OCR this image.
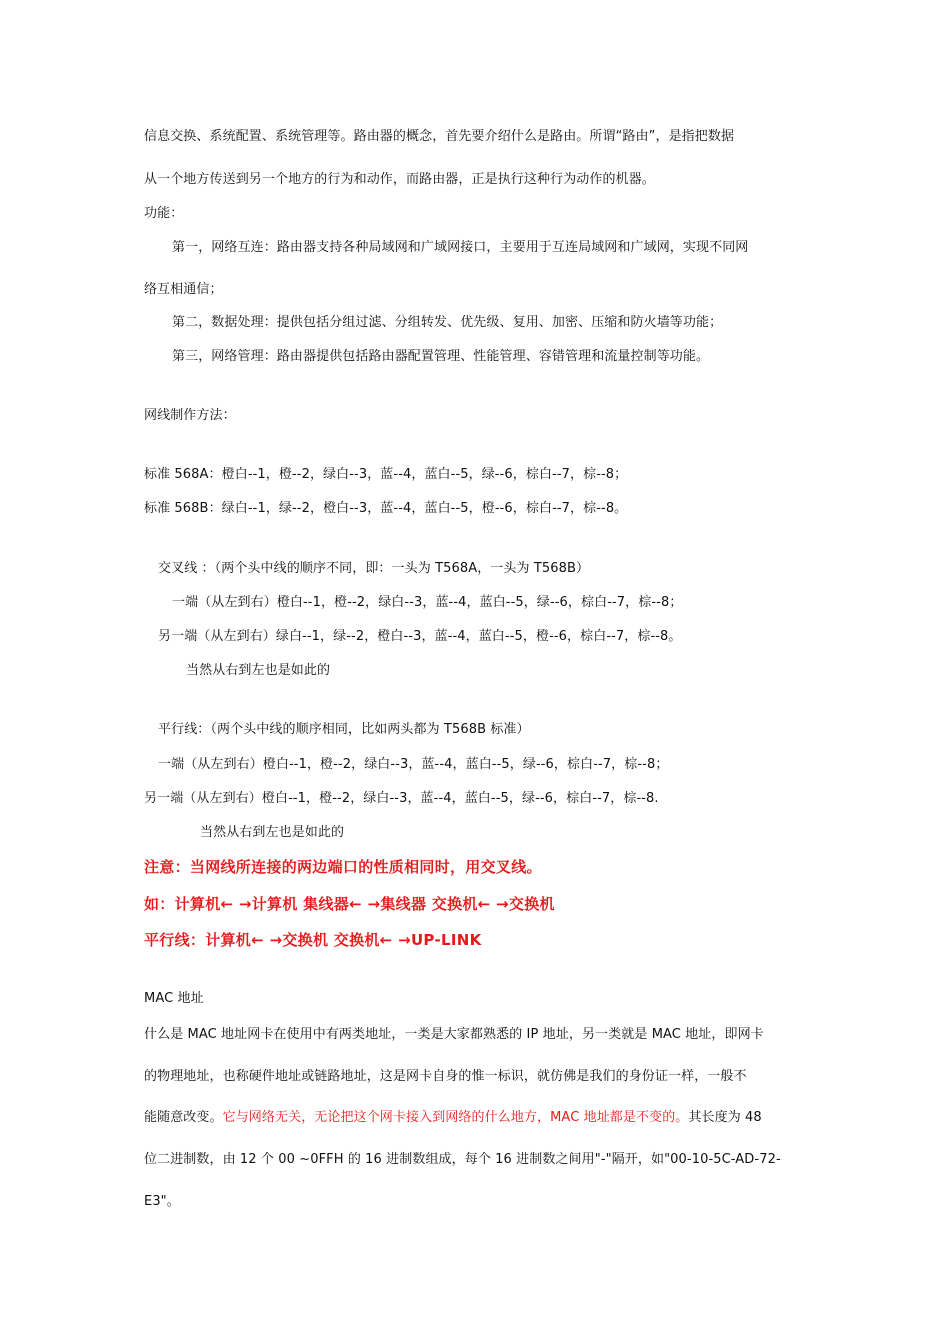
信息交换、系统配置、系统管理等。路由器的概念，首先要介绍什么是路由。所谓“路由”，是指把数据
从一个地方传送到另一个地方的行为和动作，而路由器，正是执行这种行为动作的机器。
功能：
第一，网络互连：路由器支持各种局域网和广域网接口，主要用于互连局域网和广域网，实现不同网
络互相通信；
第二，数据处理：提供包括分组过滤、分组转发、优先级、复用、加密、压缩和防火墙等功能；
第三，网络管理：路由器提供包括路由器配置管理、性能管理、容错管理和流量控制等功能。
网线制作方法：
标准 568A：橙白--1，橙--2，绿白--3，蓝--4，蓝白--5，绿--6，棕白--7，棕--8；
标准 568B：绿白--1，绿--2，橙白--3，蓝--4，蓝白--5，橙--6，棕白--7，棕--8。
交叉线 ：（两个头中线的顺序不同，即：一头为 T568A，一头为 T568B）
一端（从左到右）橙白--1，橙--2，绿白--3，蓝--4，蓝白--5，绿--6，棕白--7，棕--8；
另一端（从左到右）绿白--1，绿--2，橙白--3，蓝--4，蓝白--5，橙--6，棕白--7，棕--8。
当然从右到左也是如此的
平行线：（两个头中线的顺序相同，比如两头都为 T568B 标准）
一端（从左到右）橙白--1，橙--2，绿白--3，蓝--4，蓝白--5，绿--6，棕白--7，棕--8；
另一端（从左到右）橙白--1，橙--2，绿白--3，蓝--4，蓝白--5，绿--6，棕白--7，棕--8.
当然从右到左也是如此的
注意：当网线所连接的两边端口的性质相同时，用交叉线。
如：计算机← →计算机 集线器← →集线器 交换机← →交换机
平行线：计算机← →交换机 交换机← →UP-LINK
MAC 地址
什么是 MAC 地址网卡在使用中有两类地址，一类是大家都熟悉的 IP 地址，另一类就是 MAC 地址，即网卡
的物理地址，也称硬件地址或链路地址，这是网卡自身的惟一标识，就仿佛是我们的身份证一样，一般不
能随意改变。它与网络无关，无论把这个网卡接入到网络的什么地方，MAC 地址都是不变的。其长度为 48
位二进制数，由 12 个 00 ~0FFH 的 16 进制数组成，每个 16 进制数之间用"-"隔开，如"00-10-5C-AD-72-
E3"。
